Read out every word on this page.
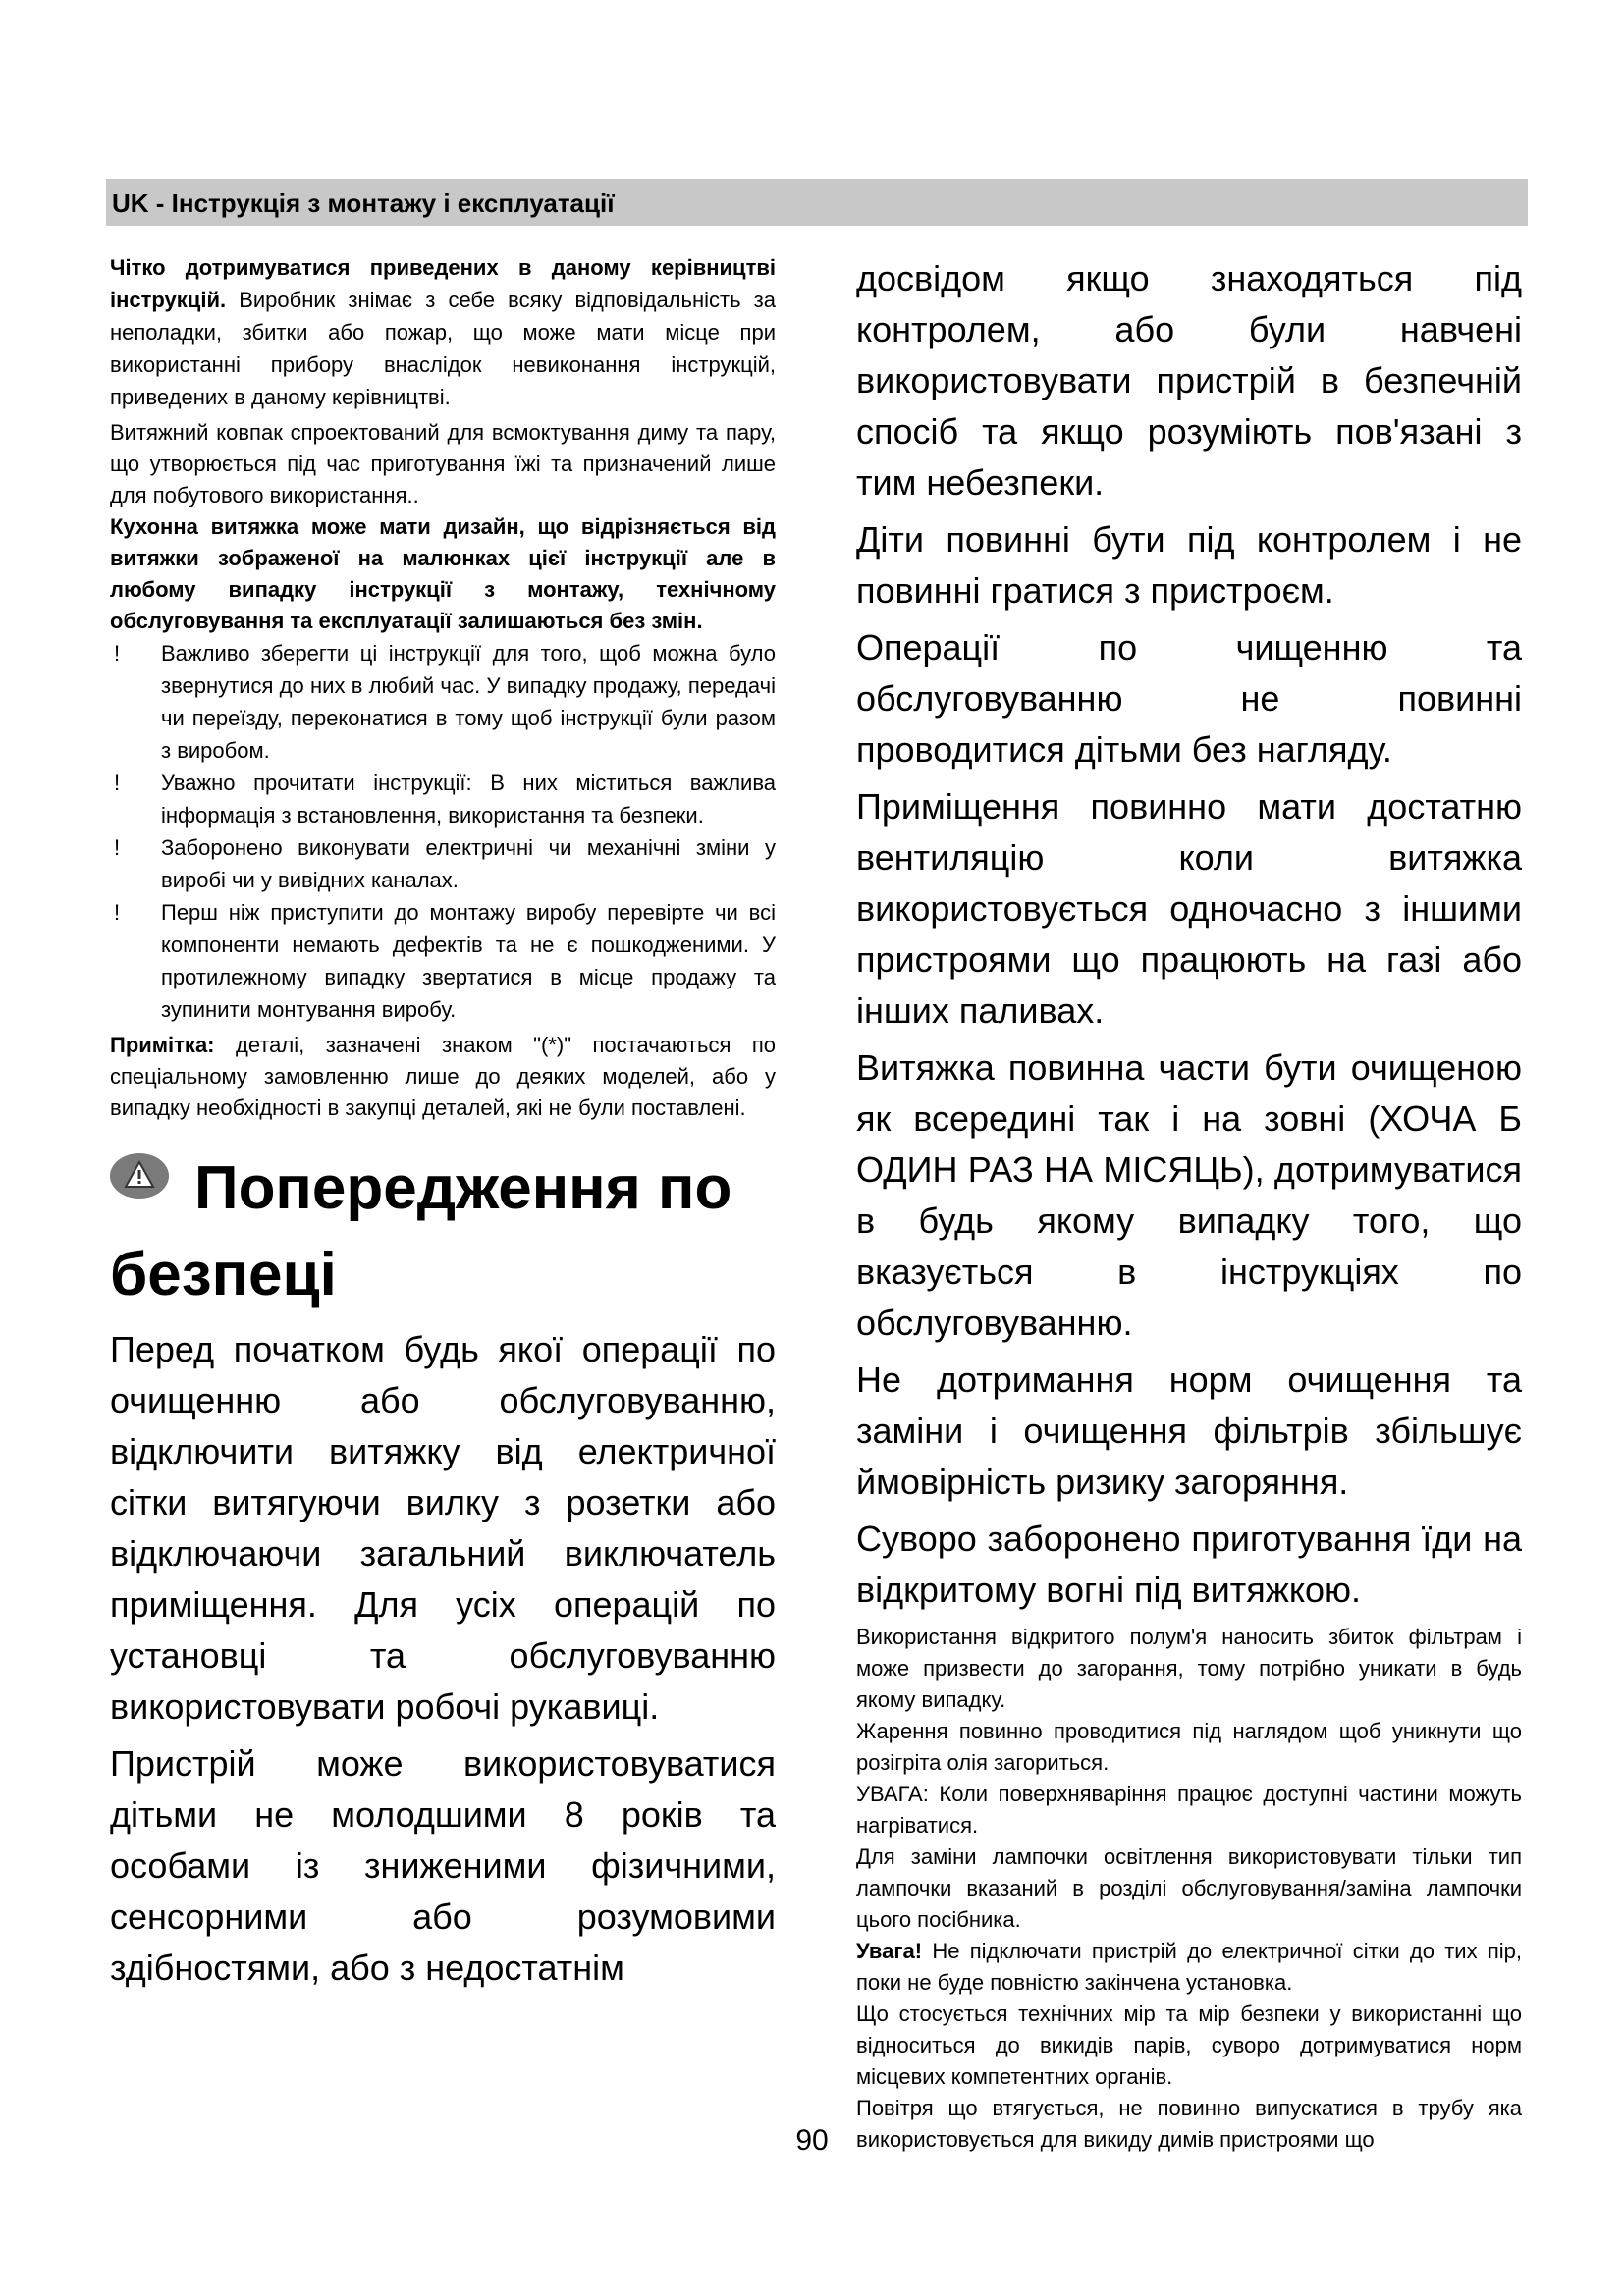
UK - Інструкція з монтажу і експлуатації

Чітко дотримуватися приведених в даному керівництві інструкцій. Виробник знімає з себе всяку відповідальність за неполадки, збитки або пожар, що може мати місце при використанні прибору внаслідок невиконання інструкцій, приведених в даному керівництві.

Витяжний ковпак спроектований для всмоктування диму та пару, що утворюється під час приготування їжі та призначений лише для побутового використання..

Кухонна витяжка може мати дизайн, що відрізняється від витяжки зображеної на малюнках цієї інструкції але в любому випадку інструкції з монтажу, технічному обслуговування та експлуатації залишаються без змін.

!	Важливо зберегти ці інструкції для того, щоб можна було звернутися до них в любий час. У випадку продажу, передачі чи переїзду, переконатися в тому щоб інструкції були разом з виробом.
!	Уважно прочитати інструкції: В них міститься важлива інформація з встановлення, використання та безпеки.
!	Заборонено виконувати електричні чи механічні зміни у виробі чи у вивідних каналах.
!	Перш ніж приступити до монтажу виробу перевірте чи всі компоненти немають дефектів та не є пошкодженими. У протилежному випадку звертатися в місце продажу та зупинити монтування виробу.

Примітка: деталі, зазначені знаком "(*)" постачаються по спеціальному замовленню лише до деяких моделей, або у випадку необхідності в закупці деталей, які не були поставлені.

Попередження по безпеці

Перед початком будь якої операції по очищенню або обслуговуванню, відключити витяжку від електричної сітки витягуючи вилку з розетки або відключаючи загальний виключатель приміщення. Для усіх операцій по установці та обслуговуванню використовувати робочі рукавиці.

Пристрій може використовуватися дітьми не молодшими 8 років та особами із зниженими фізичними, сенсорними або розумовими здібностями, або з недостатнім

досвідом якщо знаходяться під контролем, або були навчені використовувати пристрій в безпечній спосіб та якщо розуміють пов'язані з тим небезпеки.

Діти повинні бути під контролем і не повинні гратися з пристроєм.

Операції по чищенню та обслуговуванню не повинні проводитися дітьми без нагляду.

Приміщення повинно мати достатню вентиляцію коли витяжка використовується одночасно з іншими пристроями що працюють на газі або інших паливах.

Витяжка повинна части бути очищеною як всередині так і на зовні (ХОЧА Б ОДИН РАЗ НА МІСЯЦЬ), дотримуватися в будь якому випадку того, що вказується в інструкціях по обслуговуванню.

Не дотримання норм очищення та заміни і очищення фільтрів збільшує ймовірність ризику загоряння.

Суворо заборонено приготування їди на відкритому вогні під витяжкою.

Використання відкритого полум'я наносить збиток фільтрам і може призвести до загорання, тому потрібно уникати в будь якому випадку.

Жарення повинно проводитися під наглядом щоб уникнути що розігріта олія загориться.

УВАГА: Коли поверхняваріння працює доступні частини можуть нагріватися.

Для заміни лампочки освітлення використовувати тільки тип лампочки вказаний в розділі обслуговування/заміна лампочки цього посібника.

Увага! Не підключати пристрій до електричної сітки до тих пір, поки не буде повністю закінчена установка.

Що стосується технічних мір та мір безпеки у використанні що відноситься до викидів парів, суворо дотримуватися норм місцевих компетентних органів.

Повітря що втягується, не повинно випускатися в трубу яка використовується для викиду димів пристроями що

90
